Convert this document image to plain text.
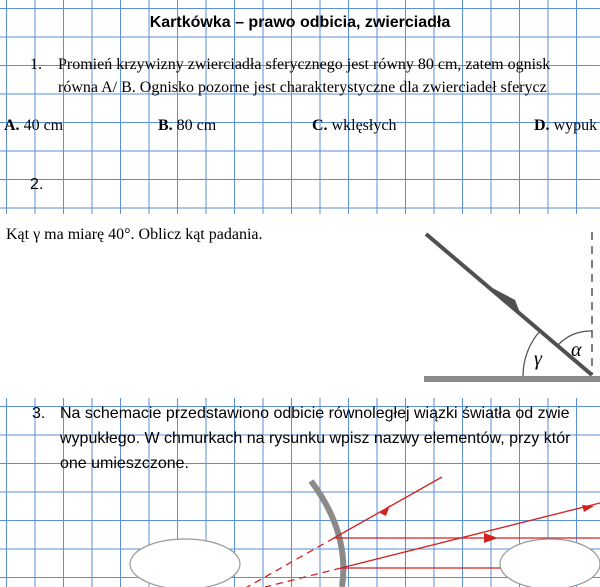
Kartkówka – prawo odbicia, zwierciadła
1. Promień krzywizny zwierciadła sferycznego jest równy 80 cm, zatem ognisk
równa A/ B. Ognisko pozorne jest charakterystyczne dla zwierciadeł sferycz
A. 40 cm	B. 80 cm	C. wklęsłych	D. wypuk
2.
Kąt γ ma miarę 40°. Oblicz kąt padania.
3. Na schemacie przedstawiono odbicie równoległej wiązki światła od zwie
wypukłego. W chmurkach na rysunku wpisz nazwy elementów, przy któr
one umieszczone.
γ α
